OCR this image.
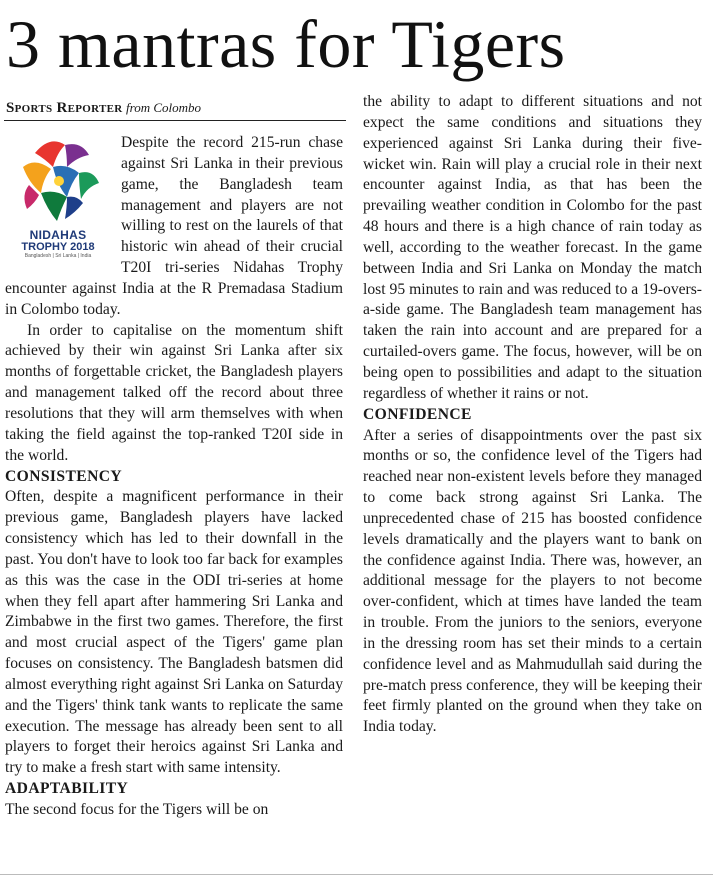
3 mantras for Tigers
Sports Reporter from Colombo
NIDAHAS
TROPHY 2018
Bangladesh | Sri Lanka | India

Despite the record 215-run chase against Sri Lanka in their previous game, the Bangladesh team management and players are not willing to rest on the laurels of that historic win ahead of their crucial T20I tri-series Nidahas Trophy encounter against India at the R Premadasa Stadium in Colombo today.

In order to capitalise on the momentum shift achieved by their win against Sri Lanka after six months of forgettable cricket, the Bangladesh players and management talked off the record about three resolutions that they will arm themselves with when taking the field against the top-ranked T20I side in the world.

CONSISTENCY

Often, despite a magnificent performance in their previous game, Bangladesh players have lacked consistency which has led to their downfall in the past. You don't have to look too far back for examples as this was the case in the ODI tri-series at home when they fell apart after hammering Sri Lanka and Zimbabwe in the first two games. Therefore, the first and most crucial aspect of the Tigers' game plan focuses on consistency. The Bangladesh batsmen did almost everything right against Sri Lanka on Saturday and the Tigers' think tank wants to replicate the same execution. The message has already been sent to all players to forget their heroics against Sri Lanka and try to make a fresh start with same intensity.

ADAPTABILITY

The second focus for the Tigers will be on

the ability to adapt to different situations and not expect the same conditions and situations they experienced against Sri Lanka during their five-wicket win. Rain will play a crucial role in their next encounter against India, as that has been the prevailing weather condition in Colombo for the past 48 hours and there is a high chance of rain today as well, according to the weather forecast. In the game between India and Sri Lanka on Monday the match lost 95 minutes to rain and was reduced to a 19-overs-a-side game. The Bangladesh team management has taken the rain into account and are prepared for a curtailed-overs game. The focus, however, will be on being open to possibilities and adapt to the situation regardless of whether it rains or not.

CONFIDENCE

After a series of disappointments over the past six months or so, the confidence level of the Tigers had reached near non-existent levels before they managed to come back strong against Sri Lanka. The unprecedented chase of 215 has boosted confidence levels dramatically and the players want to bank on the confidence against India. There was, however, an additional message for the players to not become over-confident, which at times have landed the team in trouble. From the juniors to the seniors, everyone in the dressing room has set their minds to a certain confidence level and as Mahmudullah said during the pre-match press conference, they will be keeping their feet firmly planted on the ground when they take on India today.
